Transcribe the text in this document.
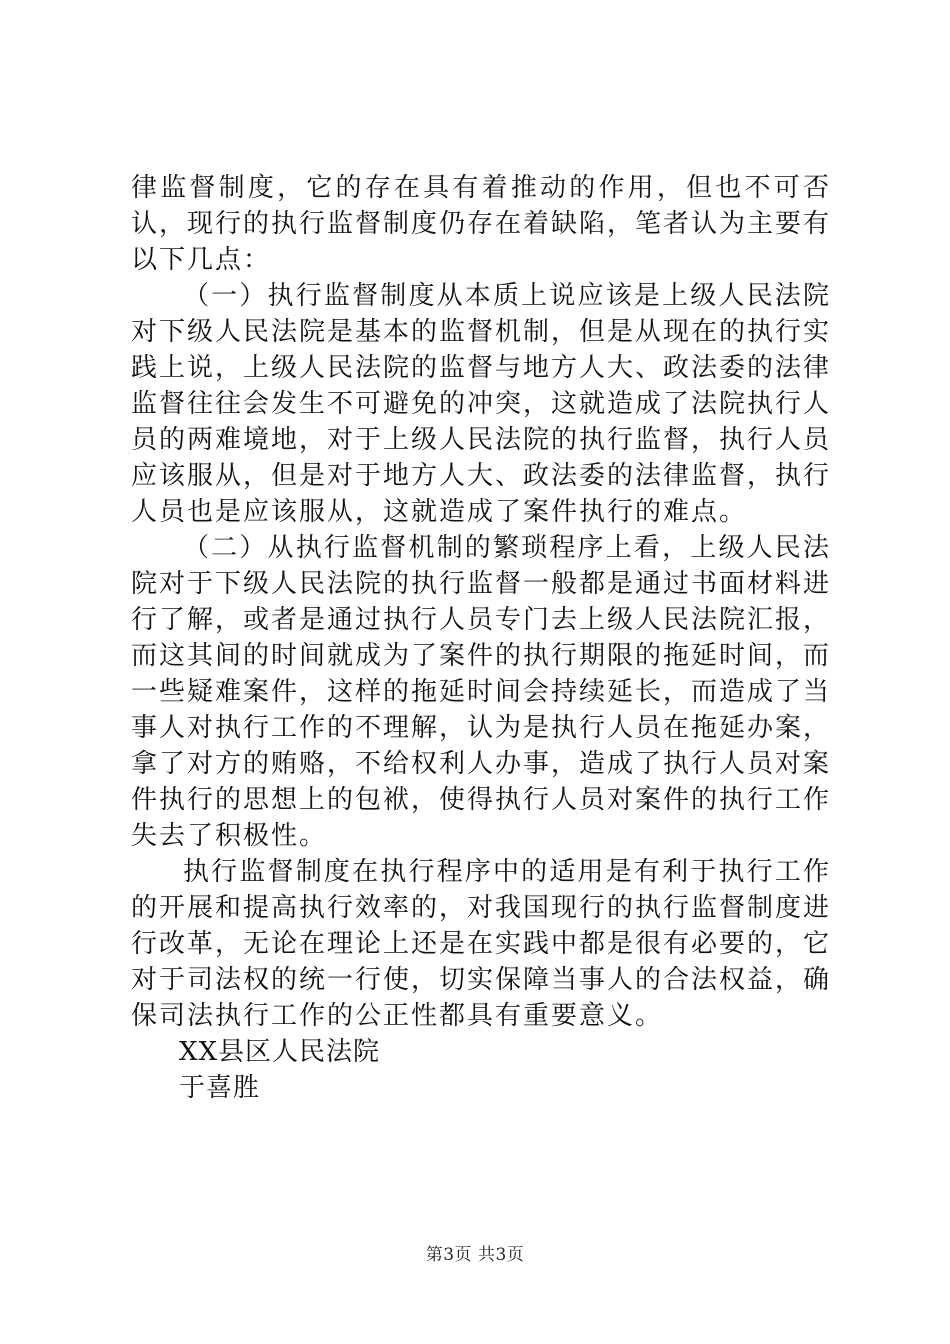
律监督制度，它的存在具有着推动的作用，但也不可否认，现行的执行监督制度仍存在着缺陷，笔者认为主要有以下几点：

（一）执行监督制度从本质上说应该是上级人民法院对下级人民法院是基本的监督机制，但是从现在的执行实践上说，上级人民法院的监督与地方人大、政法委的法律监督往往会发生不可避免的冲突，这就造成了法院执行人员的两难境地，对于上级人民法院的执行监督，执行人员应该服从，但是对于地方人大、政法委的法律监督，执行人员也是应该服从，这就造成了案件执行的难点。

（二）从执行监督机制的繁琐程序上看，上级人民法院对于下级人民法院的执行监督一般都是通过书面材料进行了解，或者是通过执行人员专门去上级人民法院汇报，而这其间的时间就成为了案件的执行期限的拖延时间，而一些疑难案件，这样的拖延时间会持续延长，而造成了当事人对执行工作的不理解，认为是执行人员在拖延办案，拿了对方的贿赂，不给权利人办事，造成了执行人员对案件执行的思想上的包袱，使得执行人员对案件的执行工作失去了积极性。

执行监督制度在执行程序中的适用是有利于执行工作的开展和提高执行效率的，对我国现行的执行监督制度进行改革，无论在理论上还是在实践中都是很有必要的，它对于司法权的统一行使，切实保障当事人的合法权益，确保司法执行工作的公正性都具有重要意义。

XX县区人民法院

于喜胜

第3页 共3页
